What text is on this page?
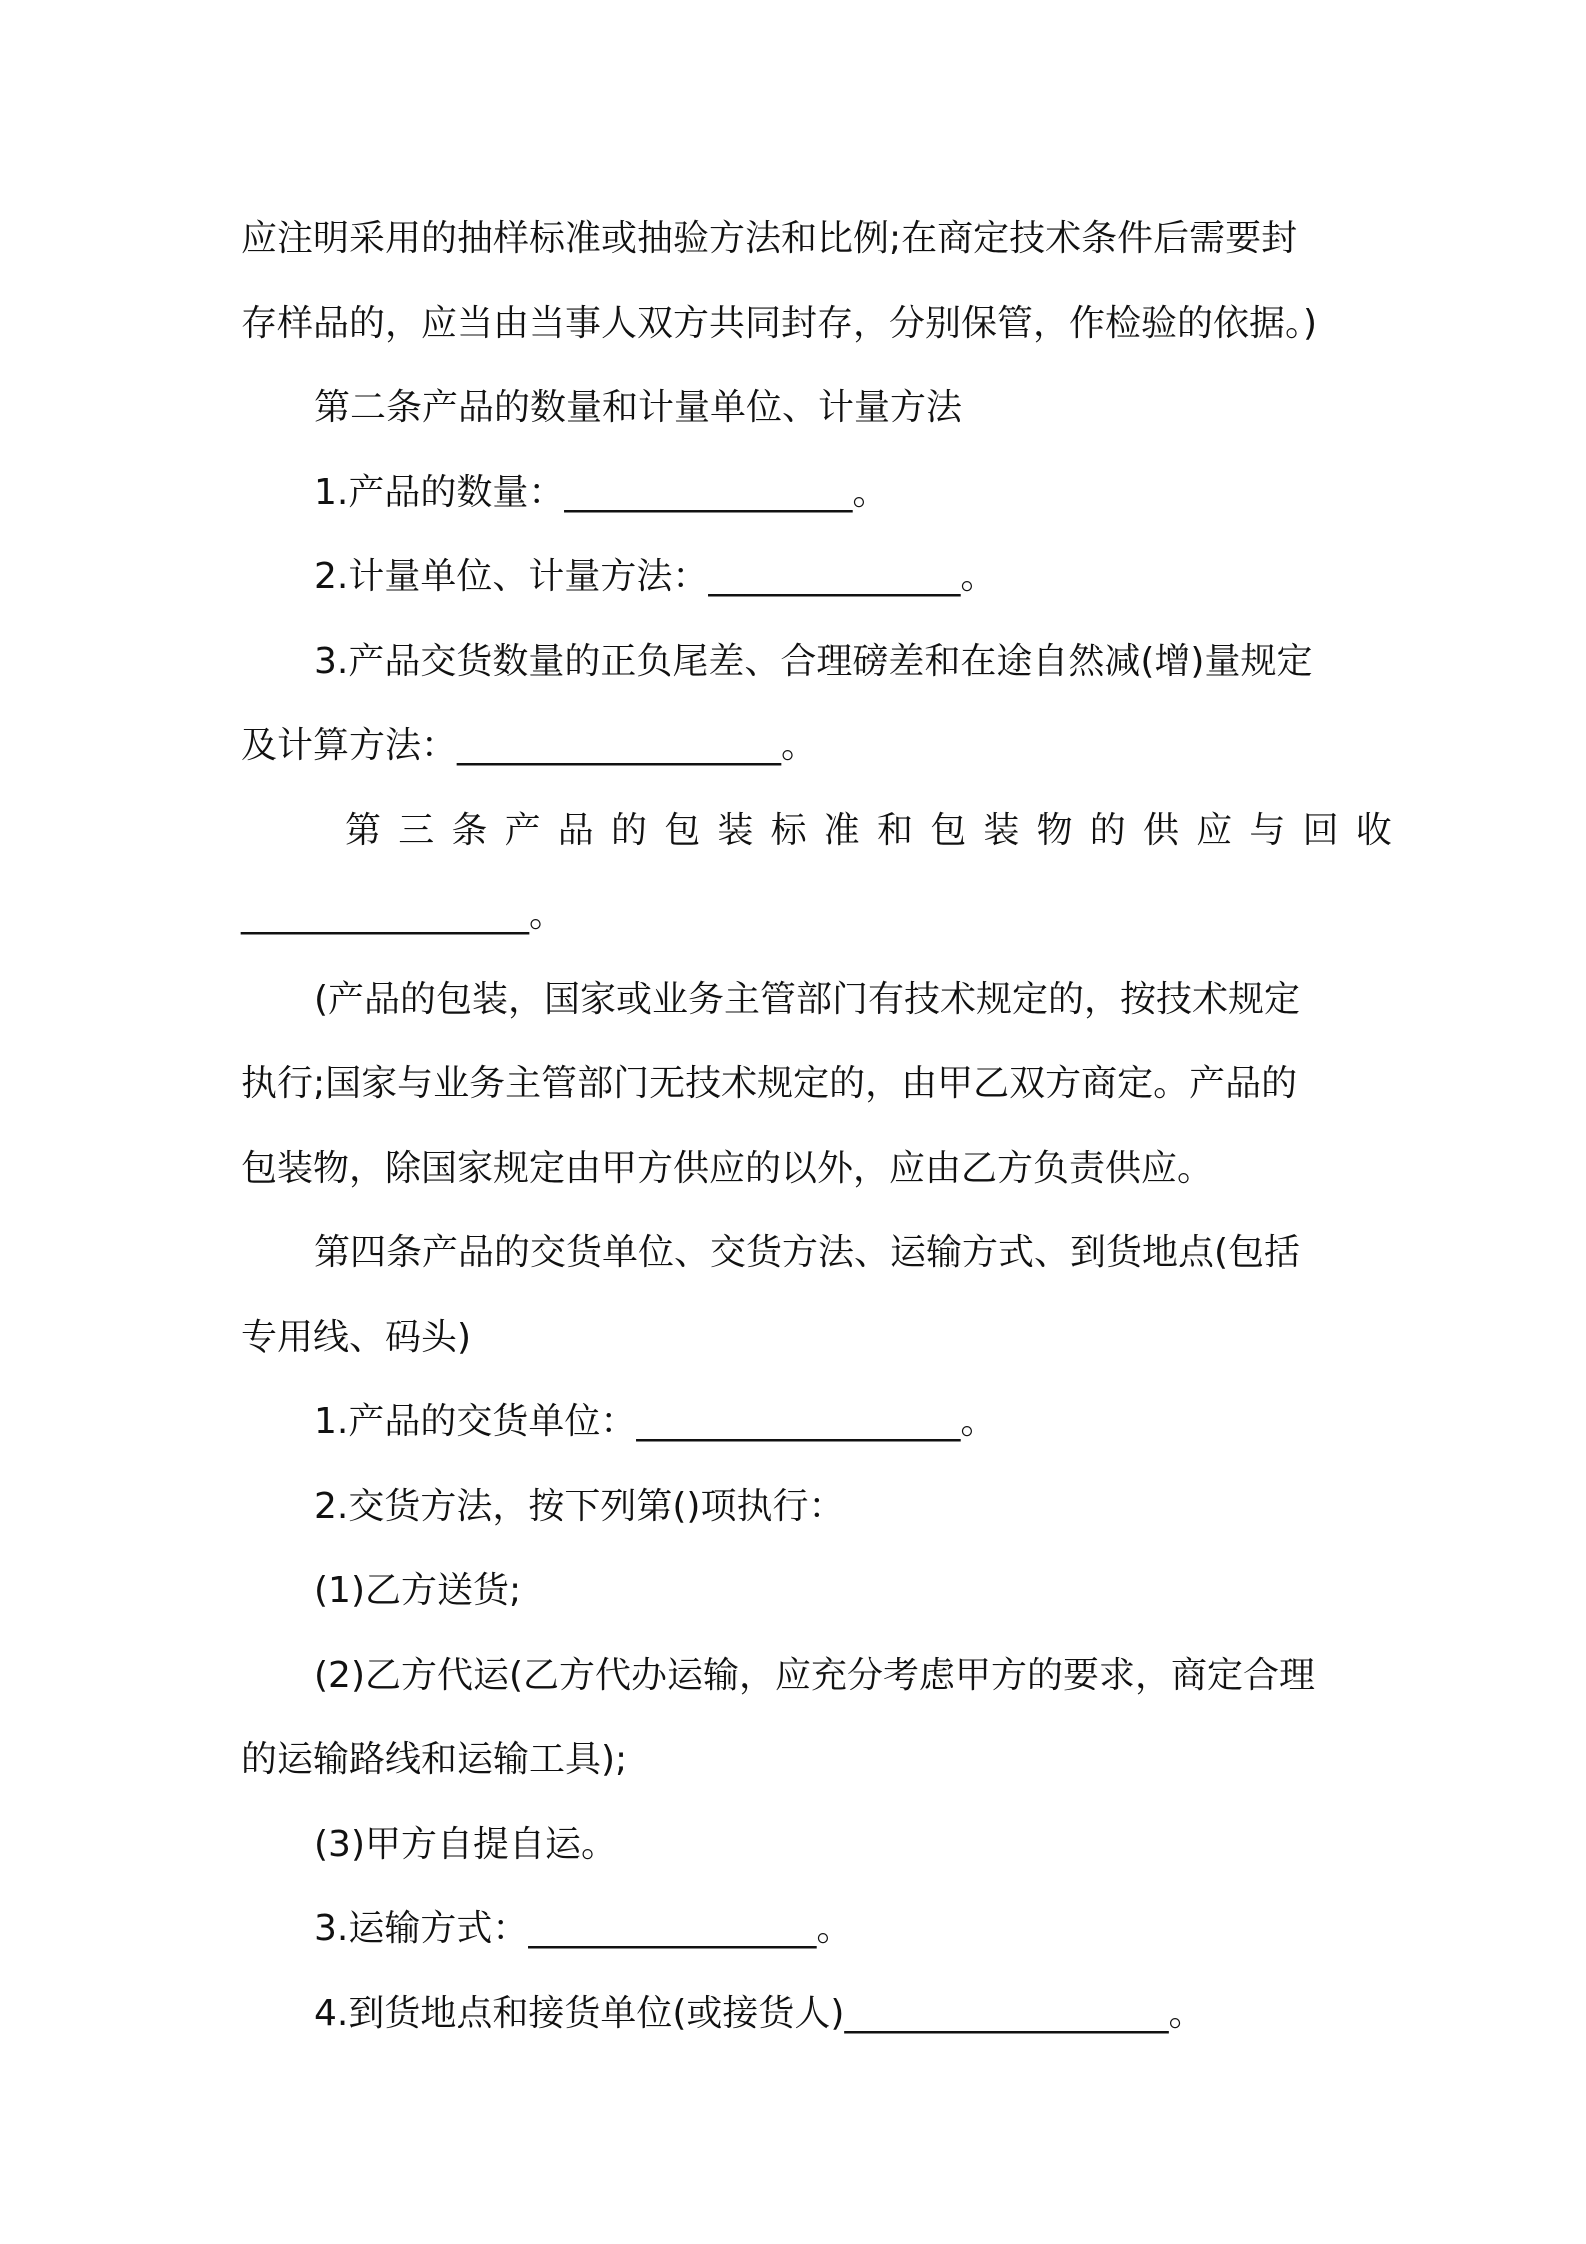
应注明采用的抽样标准或抽验方法和比例;在商定技术条件后需要封
存样品的，应当由当事人双方共同封存，分别保管，作检验的依据。)
第二条产品的数量和计量单位、计量方法
1.产品的数量：________________。
2.计量单位、计量方法：______________。
3.产品交货数量的正负尾差、合理磅差和在途自然减(增)量规定
及计算方法：__________________。
第三条产品的包装标准和包装物的供应与回收
________________。
(产品的包装，国家或业务主管部门有技术规定的，按技术规定
执行;国家与业务主管部门无技术规定的，由甲乙双方商定。产品的
包装物，除国家规定由甲方供应的以外，应由乙方负责供应。
第四条产品的交货单位、交货方法、运输方式、到货地点(包括
专用线、码头)
1.产品的交货单位：__________________。
2.交货方法，按下列第()项执行：
(1)乙方送货;
(2)乙方代运(乙方代办运输，应充分考虑甲方的要求，商定合理
的运输路线和运输工具);
(3)甲方自提自运。
3.运输方式：________________。
4.到货地点和接货单位(或接货人)__________________。
